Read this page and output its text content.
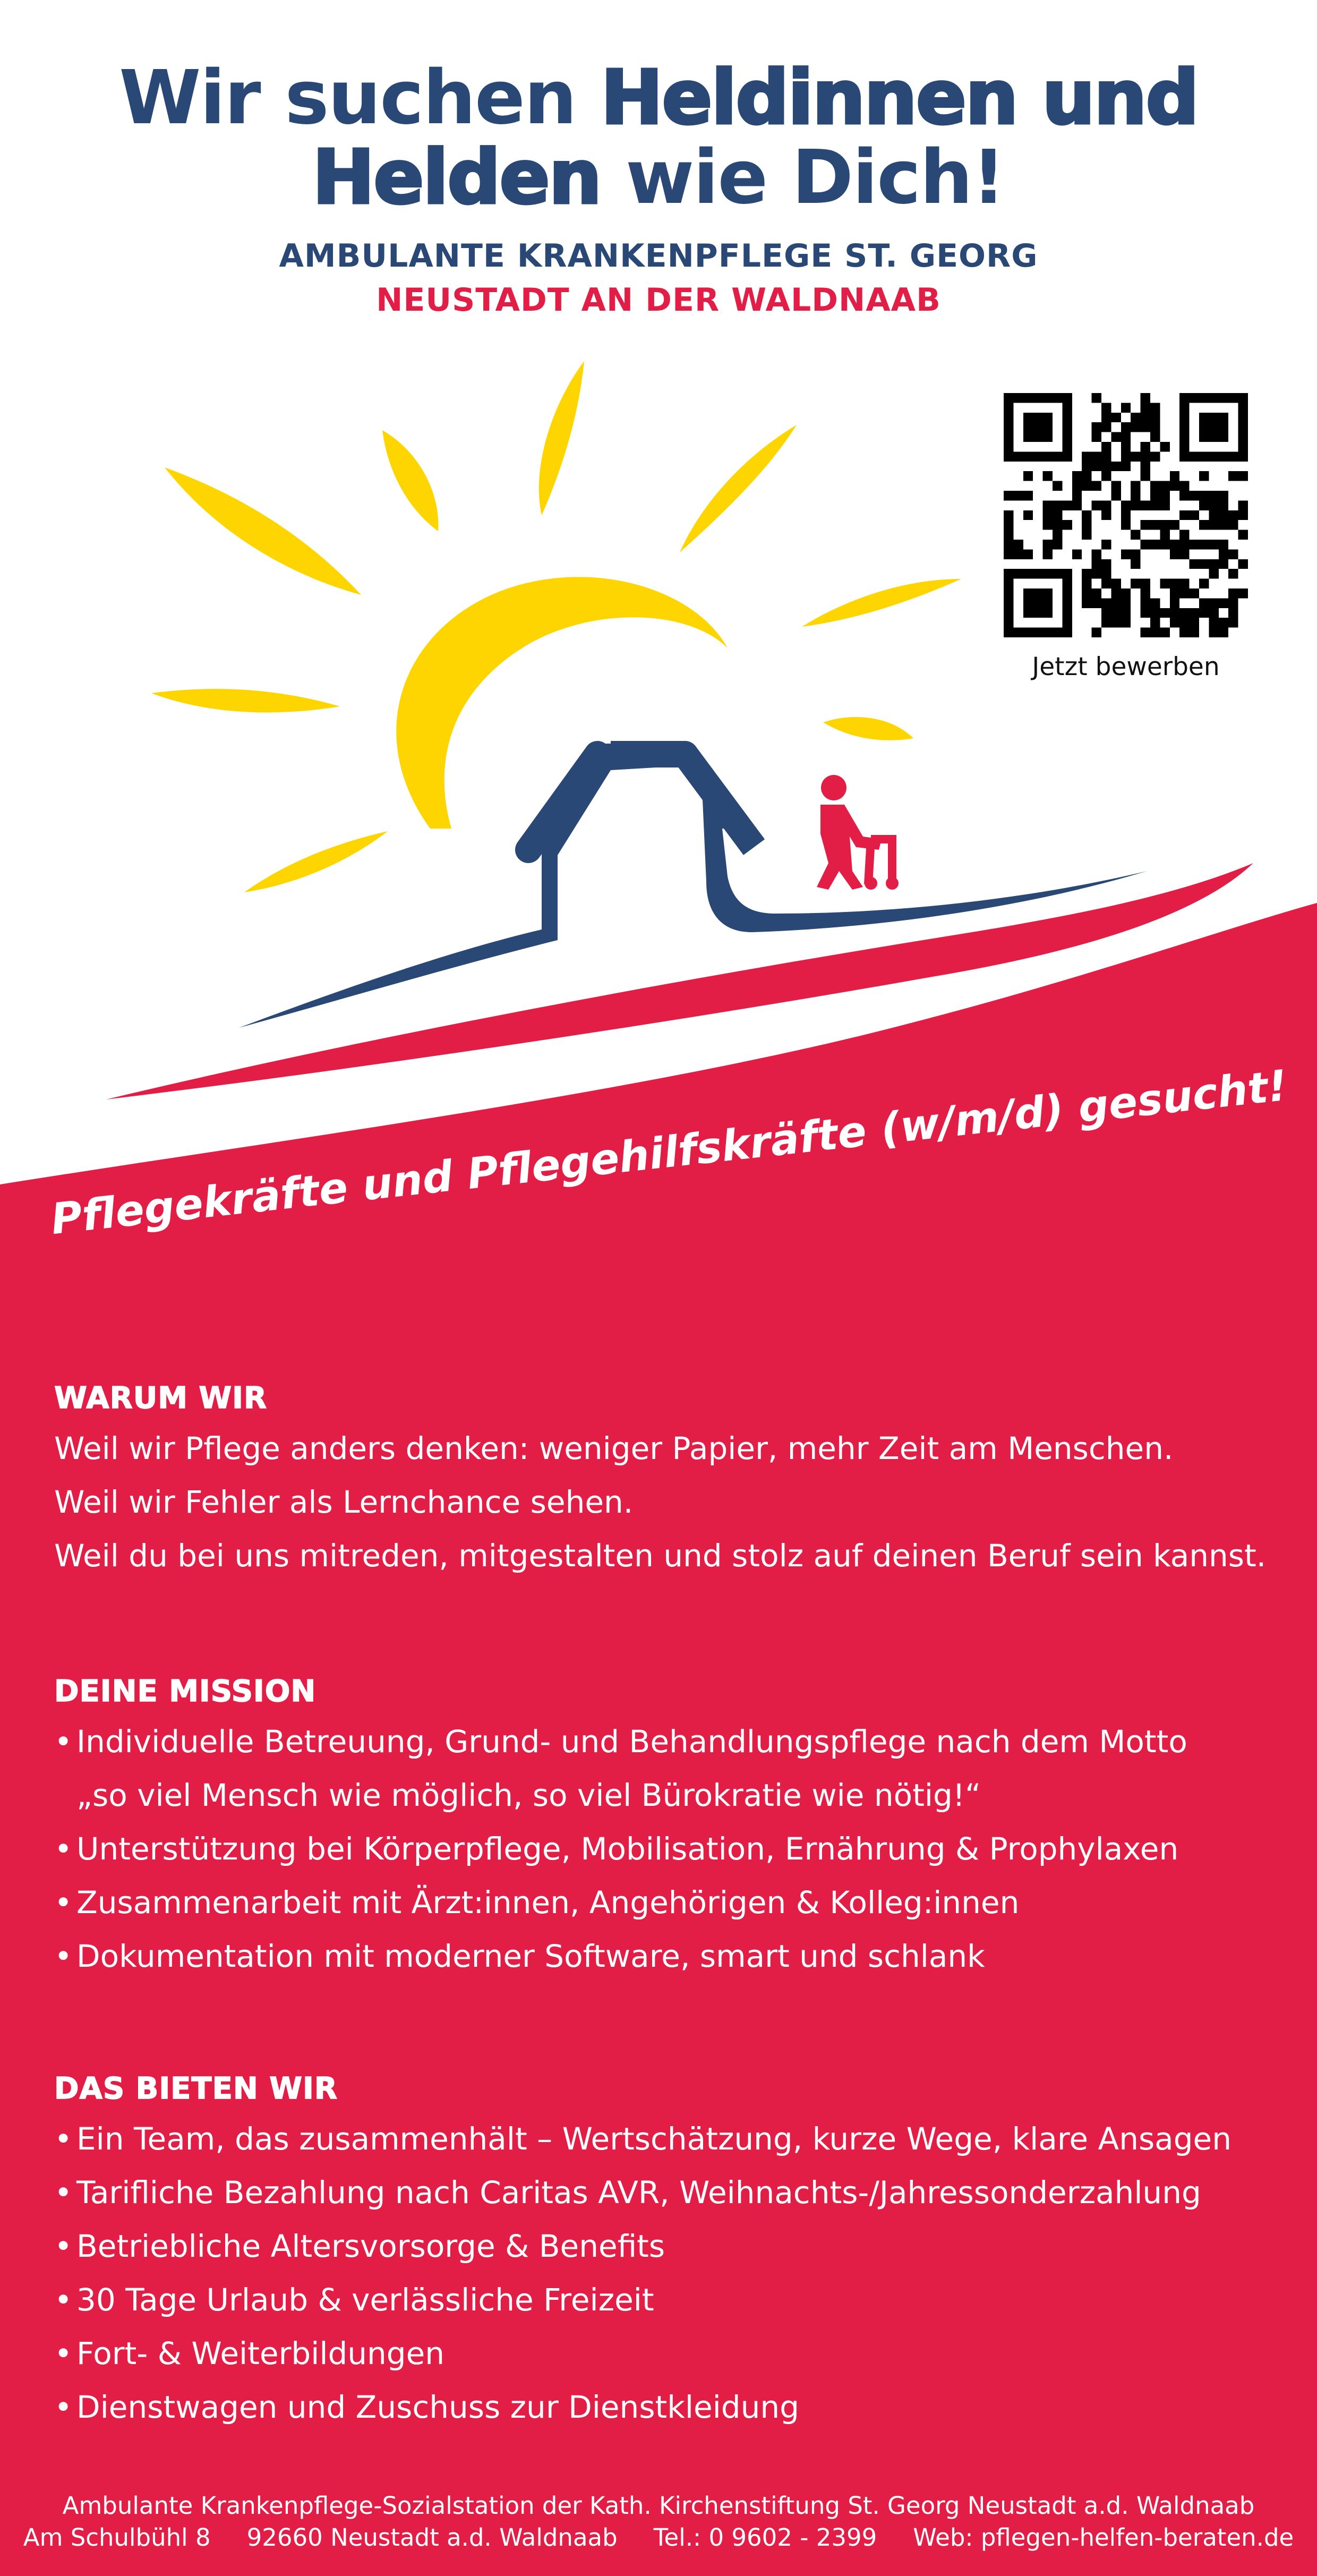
Wir suchen Heldinnen und
Helden wie Dich!
AMBULANTE KRANKENPFLEGE ST. GEORG
NEUSTADT AN DER WALDNAAB
Jetzt bewerben
Pflegekräfte und Pflegehilfskräfte (w/m/d) gesucht!

WARUM WIR

Weil wir Pflege anders denken: weniger Papier, mehr Zeit am Menschen.

Weil wir Fehler als Lernchance sehen.

Weil du bei uns mitreden, mitgestalten und stolz auf deinen Beruf sein kannst.

DEINE MISSION

• Individuelle Betreuung, Grund- und Behandlungspflege nach dem Motto

„so viel Mensch wie möglich, so viel Bürokratie wie nötig!“

• Unterstützung bei Körperpflege, Mobilisation, Ernährung & Prophylaxen

• Zusammenarbeit mit Ärzt:innen, Angehörigen & Kolleg:innen

• Dokumentation mit moderner Software, smart und schlank

DAS BIETEN WIR

• Ein Team, das zusammenhält – Wertschätzung, kurze Wege, klare Ansagen

• Tarifliche Bezahlung nach Caritas AVR, Weihnachts-/Jahressonderzahlung

• Betriebliche Altersvorsorge & Benefits

• 30 Tage Urlaub & verlässliche Freizeit

• Fort- & Weiterbildungen

• Dienstwagen und Zuschuss zur Dienstkleidung

Ambulante Krankenpflege-Sozialstation der Kath. Kirchenstiftung St. Georg Neustadt a.d. Waldnaab
Am Schulbühl 8 92660 Neustadt a.d. Waldnaab Tel.: 0 9602 - 2399 Web: pflegen-helfen-beraten.de
